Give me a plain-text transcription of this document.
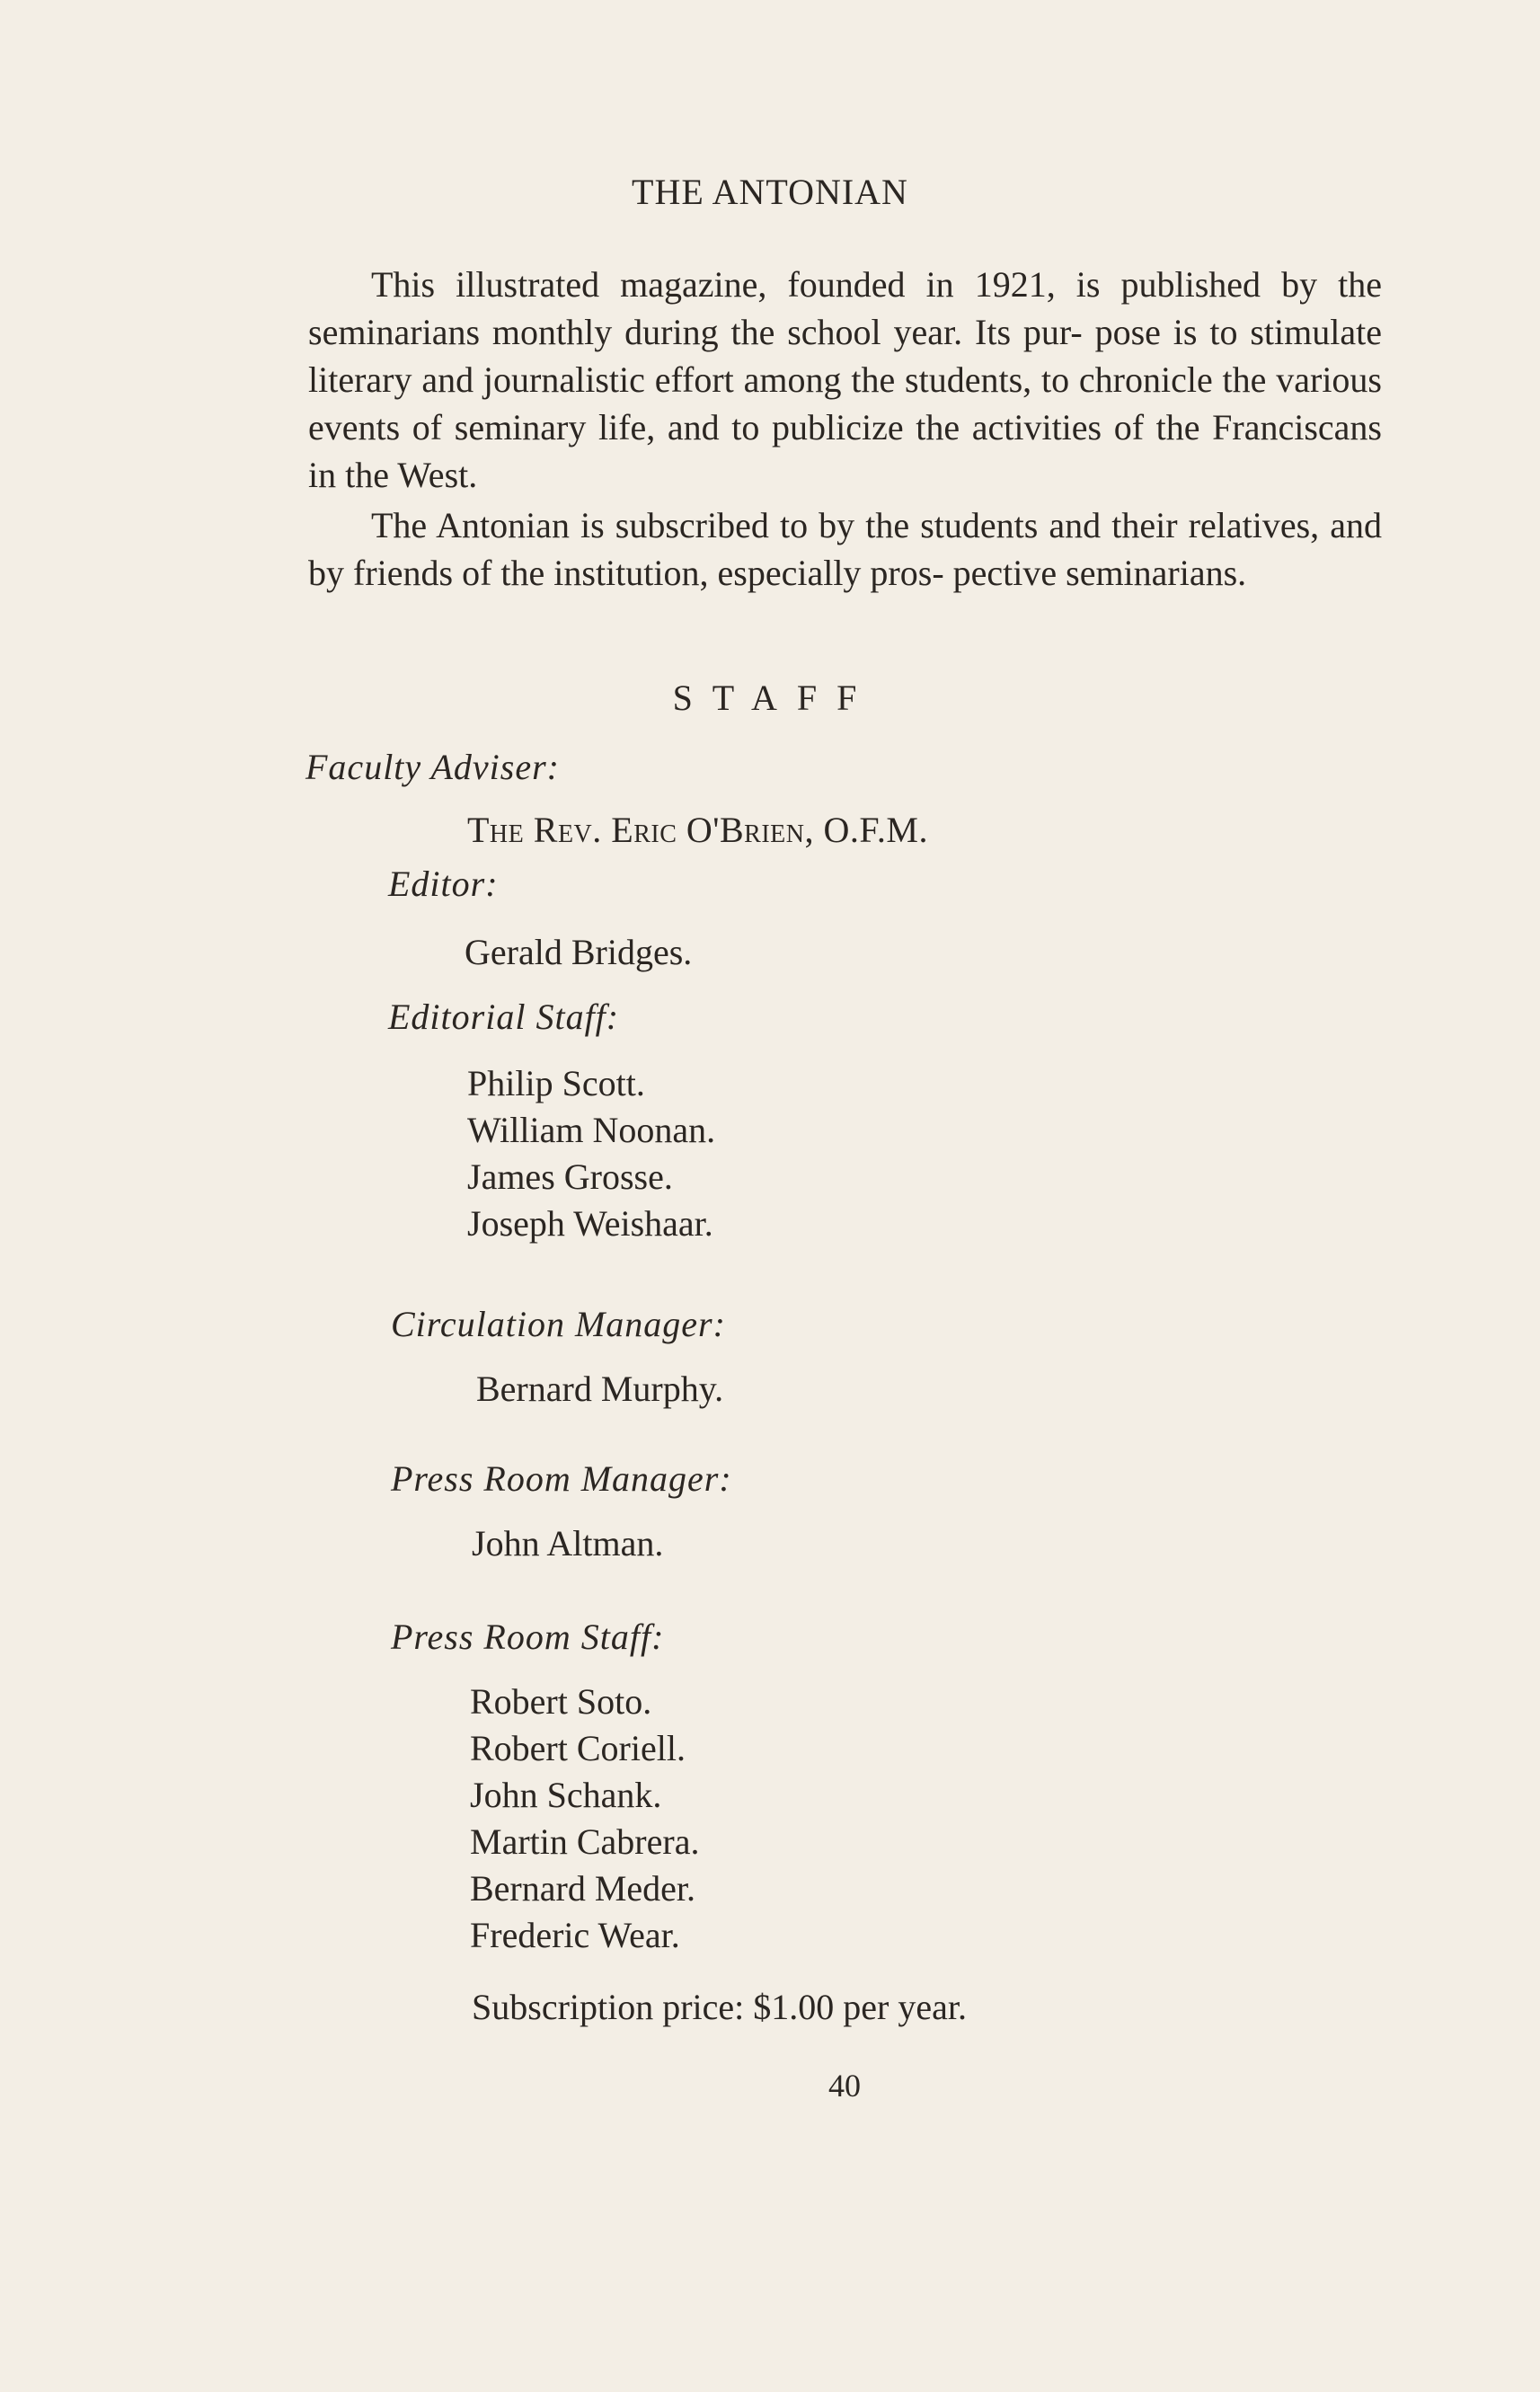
THE ANTONIAN

This illustrated magazine, founded in 1921, is published by the seminarians monthly during the school year. Its pur- pose is to stimulate literary and journalistic effort among the students, to chronicle the various events of seminary life, and to publicize the activities of the Franciscans in the West.

The Antonian is subscribed to by the students and their relatives, and by friends of the institution, especially pros- pective seminarians.

STAFF
Faculty Adviser:
The Rev. Eric O'Brien, O.F.M.
Editor:
Gerald Bridges.
Editorial Staff:
Philip Scott.
William Noonan.
James Grosse.
Joseph Weishaar.
Circulation Manager:
Bernard Murphy.
Press Room Manager:
John Altman.
Press Room Staff:
Robert Soto.
Robert Coriell.
John Schank.
Martin Cabrera.
Bernard Meder.
Frederic Wear.
Subscription price: $1.00 per year.
40
